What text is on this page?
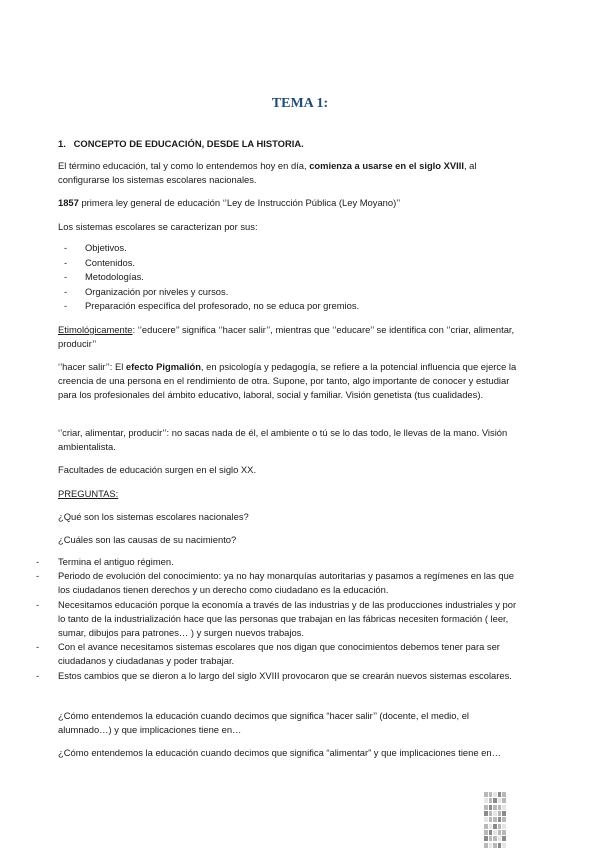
TEMA 1:

1.   CONCEPTO DE EDUCACIÓN, DESDE LA HISTORIA.

El término educación, tal y como lo entendemos hoy en día, comienza a usarse en el siglo XVIII, al configurarse los sistemas escolares nacionales.

1857 primera ley general de educación ‘’Ley de Instrucción Pública (Ley Moyano)’’

Los sistemas escolares se caracterizan por sus:

- Objetivos.
- Contenidos.
- Metodologías.
- Organización por niveles y cursos.
- Preparación específica del profesorado, no se educa por gremios.

Etimológicamente: ‘’educere’’ significa ‘’hacer salir’’, mientras que ‘’educare’’ se identifica con ‘’criar, alimentar, producir’’

‘’hacer salir’’: El efecto Pigmalión, en psicología y pedagogía, se refiere a la potencial influencia que ejerce la creencia de una persona en el rendimiento de otra. Supone, por tanto, algo importante de conocer y estudiar para los profesionales del ámbito educativo, laboral, social y familiar. Visión genetista (tus cualidades).

‘’criar, alimentar, producir’’: no sacas nada de él, el ambiente o tú se lo das todo, le llevas de la mano. Visión ambientalista.

Facultades de educación surgen en el siglo XX.

PREGUNTAS:

¿Qué son los sistemas escolares nacionales?

¿Cuáles son las causas de su nacimiento?

- Termina el antiguo régimen.
- Periodo de evolución del conocimiento: ya no hay monarquías autoritarias y pasamos a regímenes en las que los ciudadanos tienen derechos y un derecho como ciudadano es la educación.
- Necesitamos educación porque la economía a través de las industrias y de las producciones industriales y por lo tanto de la industrialización hace que las personas que trabajan en las fábricas necesiten formación ( leer, sumar, dibujos para patrones… ) y surgen nuevos trabajos.
- Con el avance necesitamos sistemas escolares que nos digan que conocimientos debemos tener para ser ciudadanos y ciudadanas y poder trabajar.
- Estos cambios que se dieron a lo largo del siglo XVIII provocaron que se crearán nuevos sistemas escolares.

¿Cómo entendemos la educación cuando decimos que significa “hacer salir’’ (docente, el medio, el alumnado…) y que implicaciones tiene en…

¿Cómo entendemos la educación cuando decimos que significa “alimentar” y que implicaciones tiene en…
